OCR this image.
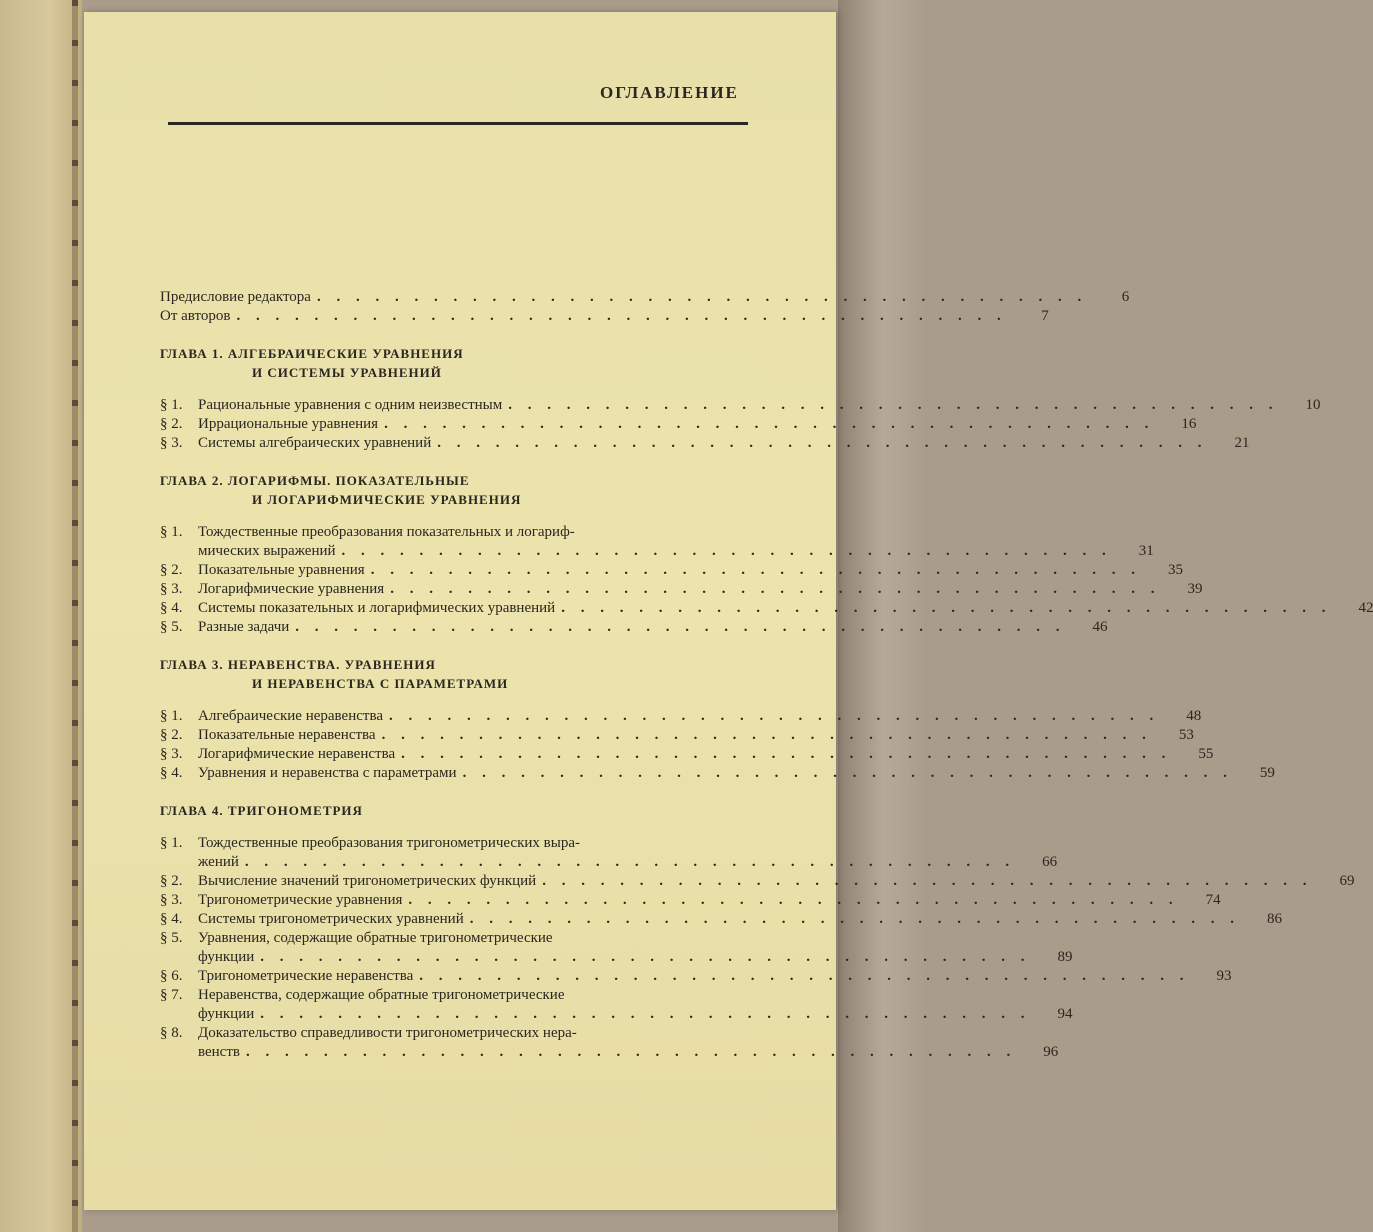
ОГЛАВЛЕНИЕ
Предисловие редактора . . . . . . . . . . . . . . . . . . . . . . . . . . . . . . . . . . . . . . . .	6
От авторов . . . . . . . . . . . . . . . . . . . . . . . . . . . . . . . . . . . . . . . .	7
ГЛАВА 1. АЛГЕБРАИЧЕСКИЕ УРАВНЕНИЯ
И СИСТЕМЫ УРАВНЕНИЙ
§ 1.	Рациональные уравнения с одним неизвестным . . . . . . . . . . . . . . . . . . . . . . . . . . . . . . . . . . . . . . . .	10
§ 2.	Иррациональные уравнения . . . . . . . . . . . . . . . . . . . . . . . . . . . . . . . . . . . . . . . .	16
§ 3.	Системы алгебраических уравнений . . . . . . . . . . . . . . . . . . . . . . . . . . . . . . . . . . . . . . . .	21
ГЛАВА 2. ЛОГАРИФМЫ. ПОКАЗАТЕЛЬНЫЕ
И ЛОГАРИФМИЧЕСКИЕ УРАВНЕНИЯ
§ 1.	Тождественные преобразования показательных и логариф-
мических выражений . . . . . . . . . . . . . . . . . . . . . . . . . . . . . . . . . . . . . . . .	31
§ 2.	Показательные уравнения . . . . . . . . . . . . . . . . . . . . . . . . . . . . . . . . . . . . . . . .	35
§ 3.	Логарифмические уравнения . . . . . . . . . . . . . . . . . . . . . . . . . . . . . . . . . . . . . . . .	39
§ 4.	Системы показательных и логарифмических уравнений . . . . . . . . . . . . . . . . . . . . . . . . . . . . . . . . . . . . . . . .	42
§ 5.	Разные задачи . . . . . . . . . . . . . . . . . . . . . . . . . . . . . . . . . . . . . . . .	46
ГЛАВА 3. НЕРАВЕНСТВА. УРАВНЕНИЯ
И НЕРАВЕНСТВА С ПАРАМЕТРАМИ
§ 1.	Алгебраические неравенства . . . . . . . . . . . . . . . . . . . . . . . . . . . . . . . . . . . . . . . .	48
§ 2.	Показательные неравенства . . . . . . . . . . . . . . . . . . . . . . . . . . . . . . . . . . . . . . . .	53
§ 3.	Логарифмические неравенства . . . . . . . . . . . . . . . . . . . . . . . . . . . . . . . . . . . . . . . .	55
§ 4.	Уравнения и неравенства с параметрами . . . . . . . . . . . . . . . . . . . . . . . . . . . . . . . . . . . . . . . .	59
ГЛАВА 4. ТРИГОНОМЕТРИЯ
§ 1.	Тождественные преобразования тригонометрических выра-
жений . . . . . . . . . . . . . . . . . . . . . . . . . . . . . . . . . . . . . . . .	66
§ 2.	Вычисление значений тригонометрических функций . . . . . . . . . . . . . . . . . . . . . . . . . . . . . . . . . . . . . . . .	69
§ 3.	Тригонометрические уравнения . . . . . . . . . . . . . . . . . . . . . . . . . . . . . . . . . . . . . . . .	74
§ 4.	Системы тригонометрических уравнений . . . . . . . . . . . . . . . . . . . . . . . . . . . . . . . . . . . . . . . .	86
§ 5.	Уравнения, содержащие обратные тригонометрические
функции . . . . . . . . . . . . . . . . . . . . . . . . . . . . . . . . . . . . . . . .	89
§ 6.	Тригонометрические неравенства . . . . . . . . . . . . . . . . . . . . . . . . . . . . . . . . . . . . . . . .	93
§ 7.	Неравенства, содержащие обратные тригонометрические
функции . . . . . . . . . . . . . . . . . . . . . . . . . . . . . . . . . . . . . . . .	94
§ 8.	Доказательство справедливости тригонометрических нера-
венств . . . . . . . . . . . . . . . . . . . . . . . . . . . . . . . . . . . . . . . .	96
